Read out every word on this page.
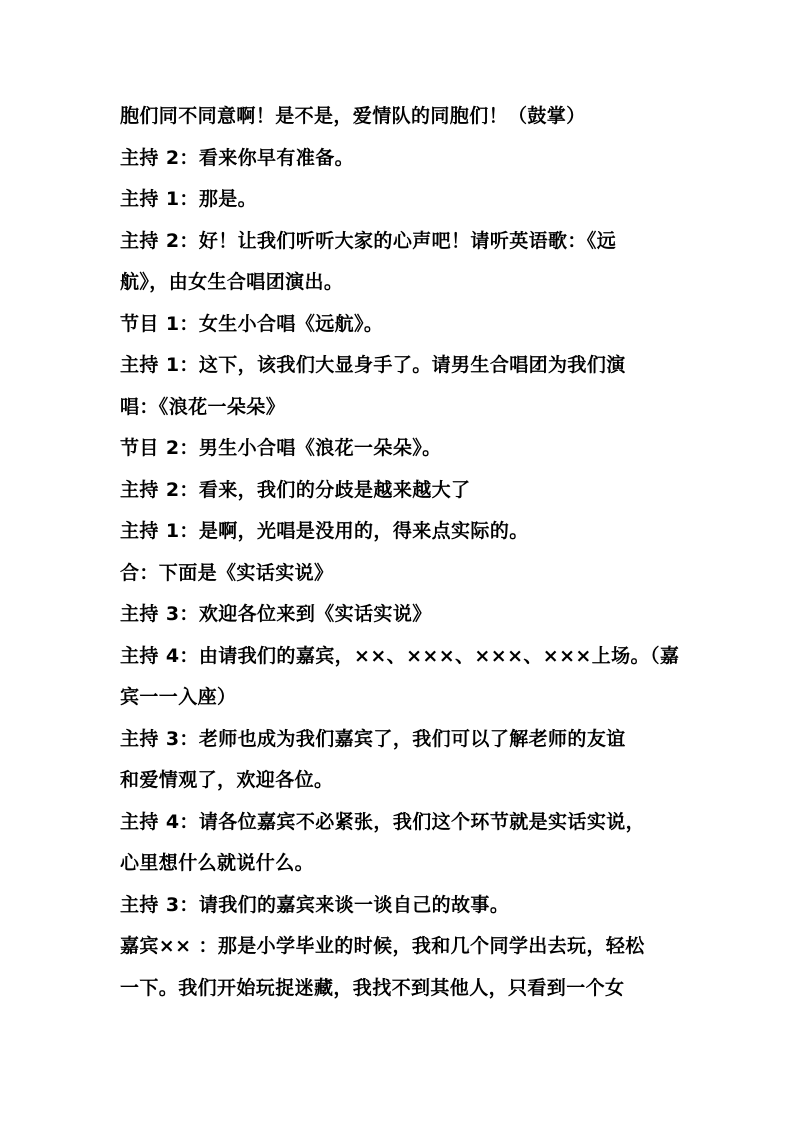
胞们同不同意啊！是不是，爱情队的同胞们！（鼓掌）
主持 2：看来你早有准备。
主持 1：那是。
主持 2：好！让我们听听大家的心声吧！请听英语歌：《远
航》，由女生合唱团演出。
节目 1：女生小合唱《远航》。
主持 1：这下，该我们大显身手了。请男生合唱团为我们演
唱：《浪花一朵朵》
节目 2：男生小合唱《浪花一朵朵》。
主持 2：看来，我们的分歧是越来越大了
主持 1：是啊，光唱是没用的，得来点实际的。
合：下面是《实话实说》
主持 3：欢迎各位来到《实话实说》
主持 4：由请我们的嘉宾，××、×××、×××、×××上场。（嘉
宾一一入座）
主持 3：老师也成为我们嘉宾了，我们可以了解老师的友谊
和爱情观了，欢迎各位。
主持 4：请各位嘉宾不必紧张，我们这个环节就是实话实说，
心里想什么就说什么。
主持 3：请我们的嘉宾来谈一谈自己的故事。
嘉宾×× ：那是小学毕业的时候，我和几个同学出去玩，轻松
一下。我们开始玩捉迷藏，我找不到其他人，只看到一个女
